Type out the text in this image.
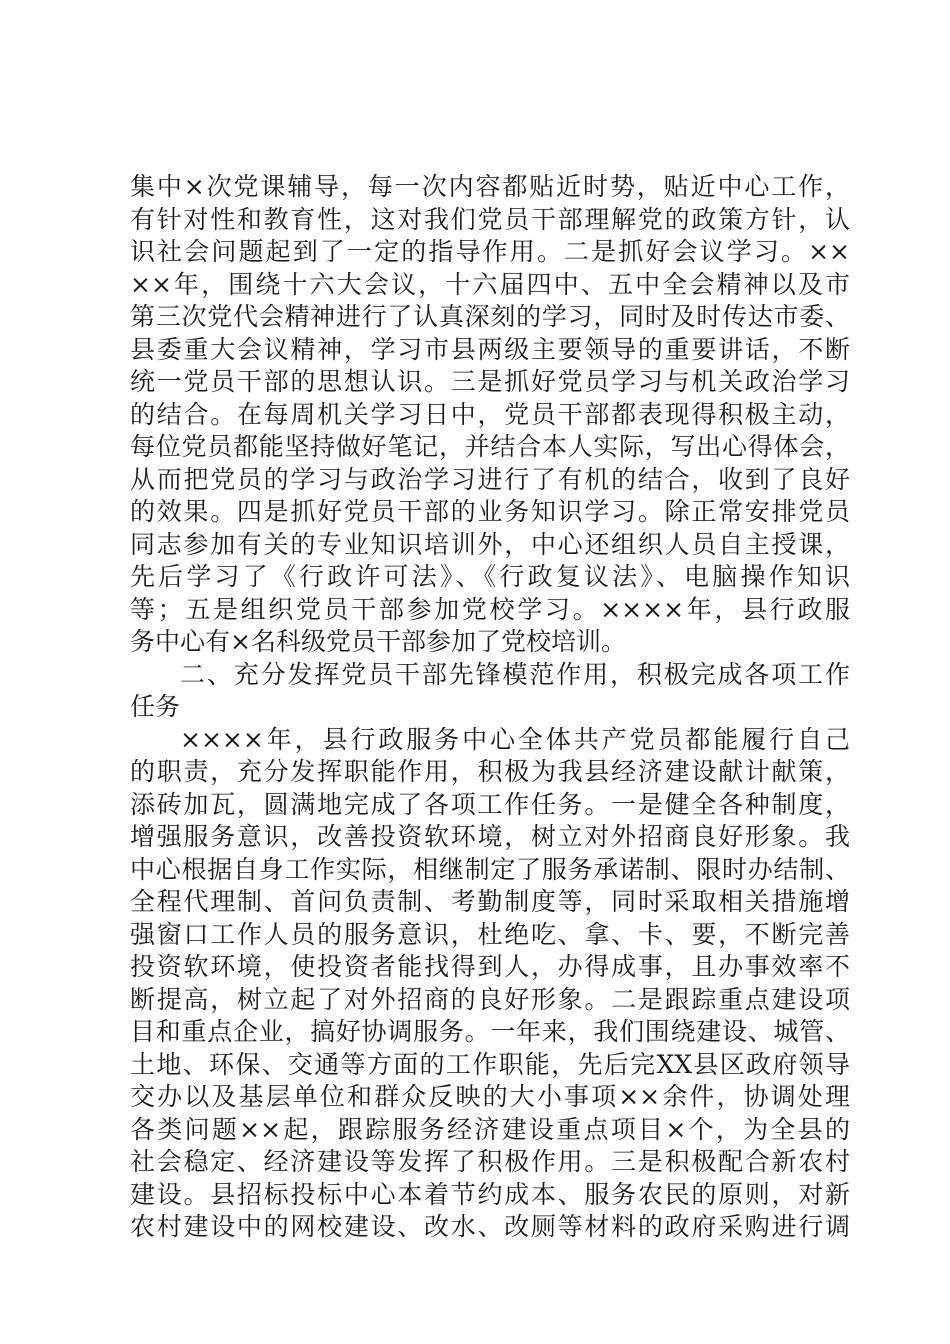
集中×次党课辅导，每一次内容都贴近时势，贴近中心工作，
有针对性和教育性，这对我们党员干部理解党的政策方针，认
识社会问题起到了一定的指导作用。二是抓好会议学习。××
××年，围绕十六大会议，十六届四中、五中全会精神以及市
第三次党代会精神进行了认真深刻的学习，同时及时传达市委、
县委重大会议精神，学习市县两级主要领导的重要讲话，不断
统一党员干部的思想认识。三是抓好党员学习与机关政治学习
的结合。在每周机关学习日中，党员干部都表现得积极主动，
每位党员都能坚持做好笔记，并结合本人实际，写出心得体会，
从而把党员的学习与政治学习进行了有机的结合，收到了良好
的效果。四是抓好党员干部的业务知识学习。除正常安排党员
同志参加有关的专业知识培训外，中心还组织人员自主授课，
先后学习了《行政许可法》、《行政复议法》、电脑操作知识
等；五是组织党员干部参加党校学习。××××年，县行政服
务中心有×名科级党员干部参加了党校培训。
二、充分发挥党员干部先锋模范作用，积极完成各项工作
任务
××××年，县行政服务中心全体共产党员都能履行自己
的职责，充分发挥职能作用，积极为我县经济建设献计献策，
添砖加瓦，圆满地完成了各项工作任务。一是健全各种制度，
增强服务意识，改善投资软环境，树立对外招商良好形象。我
中心根据自身工作实际，相继制定了服务承诺制、限时办结制、
全程代理制、首问负责制、考勤制度等，同时采取相关措施增
强窗口工作人员的服务意识，杜绝吃、拿、卡、要，不断完善
投资软环境，使投资者能找得到人，办得成事，且办事效率不
断提高，树立起了对外招商的良好形象。二是跟踪重点建设项
目和重点企业，搞好协调服务。一年来，我们围绕建设、城管、
土地、环保、交通等方面的工作职能，先后完XX县区政府领导
交办以及基层单位和群众反映的大小事项××余件，协调处理
各类问题××起，跟踪服务经济建设重点项目×个，为全县的
社会稳定、经济建设等发挥了积极作用。三是积极配合新农村
建设。县招标投标中心本着节约成本、服务农民的原则，对新
农村建设中的网校建设、改水、改厕等材料的政府采购进行调
